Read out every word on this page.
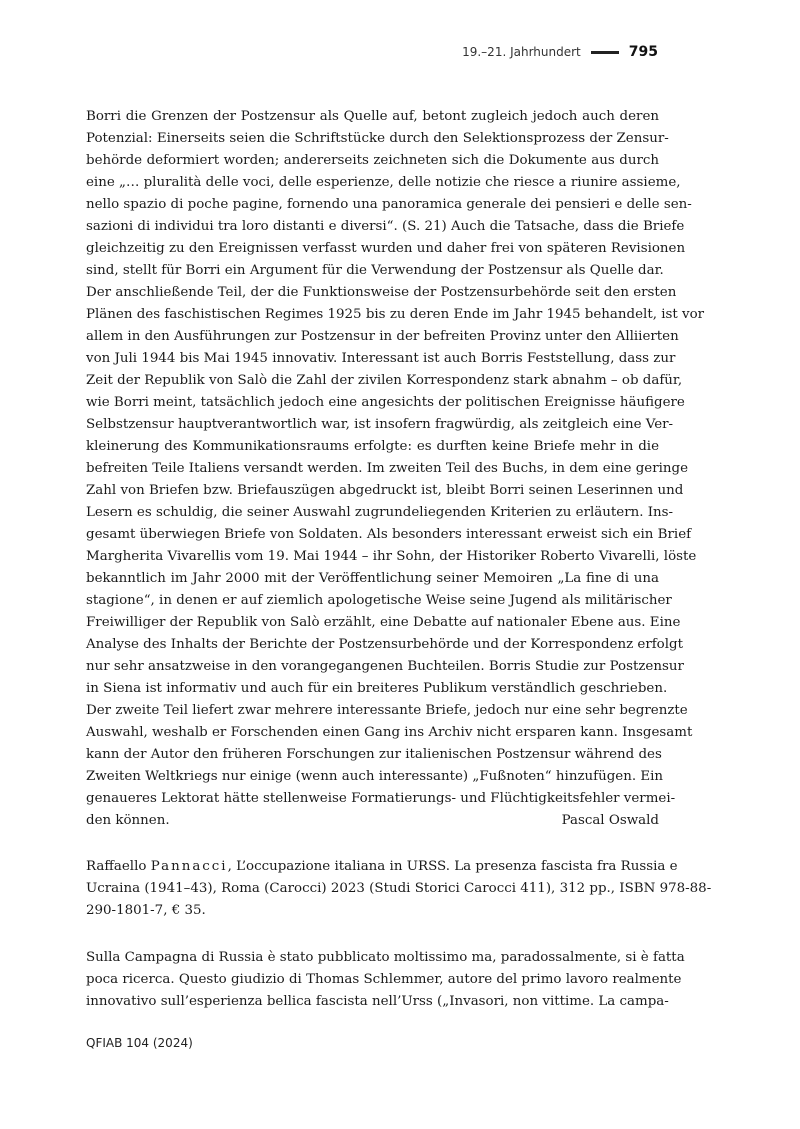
19.–21. Jahrhundert	795
Borri die Grenzen der Postzensur als Quelle auf, betont zugleich jedoch auch deren
Potenzial: Einerseits seien die Schriftstücke durch den Selektionsprozess der Zensur-
behörde deformiert worden; andererseits zeichneten sich die Dokumente aus durch
eine „… pluralità delle voci, delle esperienze, delle notizie che riesce a riunire assieme,
nello spazio di poche pagine, fornendo una panoramica generale dei pensieri e delle sen-
sazioni di individui tra loro distanti e diversi“. (S. 21) Auch die Tatsache, dass die Briefe
gleichzeitig zu den Ereignissen verfasst wurden und daher frei von späteren Revisionen
sind, stellt für Borri ein Argument für die Verwendung der Postzensur als Quelle dar.
Der anschließende Teil, der die Funktionsweise der Postzensurbehörde seit den ersten
Plänen des faschistischen Regimes 1925 bis zu deren Ende im Jahr 1945 behandelt, ist vor
allem in den Ausführungen zur Postzensur in der befreiten Provinz unter den Alliierten
von Juli 1944 bis Mai 1945 innovativ. Interessant ist auch Borris Feststellung, dass zur
Zeit der Republik von Salò die Zahl der zivilen Korrespondenz stark abnahm – ob dafür,
wie Borri meint, tatsächlich jedoch eine angesichts der politischen Ereignisse häufigere
Selbstzensur hauptverantwortlich war, ist insofern fragwürdig, als zeitgleich eine Ver-
kleinerung des Kommunikationsraums erfolgte: es durften keine Briefe mehr in die
befreiten Teile Italiens versandt werden. Im zweiten Teil des Buchs, in dem eine geringe
Zahl von Briefen bzw. Briefauszügen abgedruckt ist, bleibt Borri seinen Leserinnen und
Lesern es schuldig, die seiner Auswahl zugrundeliegenden Kriterien zu erläutern. Ins-
gesamt überwiegen Briefe von Soldaten. Als besonders interessant erweist sich ein Brief
Margherita Vivarellis vom 19. Mai 1944 – ihr Sohn, der Historiker Roberto Vivarelli, löste
bekanntlich im Jahr 2000 mit der Veröffentlichung seiner Memoiren „La fine di una
stagione“, in denen er auf ziemlich apologetische Weise seine Jugend als militärischer
Freiwilliger der Republik von Salò erzählt, eine Debatte auf nationaler Ebene aus. Eine
Analyse des Inhalts der Berichte der Postzensurbehörde und der Korrespondenz erfolgt
nur sehr ansatzweise in den vorangegangenen Buchteilen. Borris Studie zur Postzensur
in Siena ist informativ und auch für ein breiteres Publikum verständlich geschrieben.
Der zweite Teil liefert zwar mehrere interessante Briefe, jedoch nur eine sehr begrenzte
Auswahl, weshalb er Forschenden einen Gang ins Archiv nicht ersparen kann. Insgesamt
kann der Autor den früheren Forschungen zur italienischen Postzensur während des
Zweiten Weltkriegs nur einige (wenn auch interessante) „Fußnoten“ hinzufügen. Ein
genaueres Lektorat hätte stellenweise Formatierungs- und Flüchtigkeitsfehler vermei-
den können.	Pascal Oswald
Raffaello Pannacci, L’occupazione italiana in URSS. La presenza fascista fra Russia e
Ucraina (1941–43), Roma (Carocci) 2023 (Studi Storici Carocci 411), 312 pp., ISBN 978-88-
290-1801-7, € 35.
Sulla Campagna di Russia è stato pubblicato moltissimo ma, paradossalmente, si è fatta
poca ricerca. Questo giudizio di Thomas Schlemmer, autore del primo lavoro realmente
innovativo sull’esperienza bellica fascista nell’Urss („Invasori, non vittime. La campa-
QFIAB 104 (2024)
